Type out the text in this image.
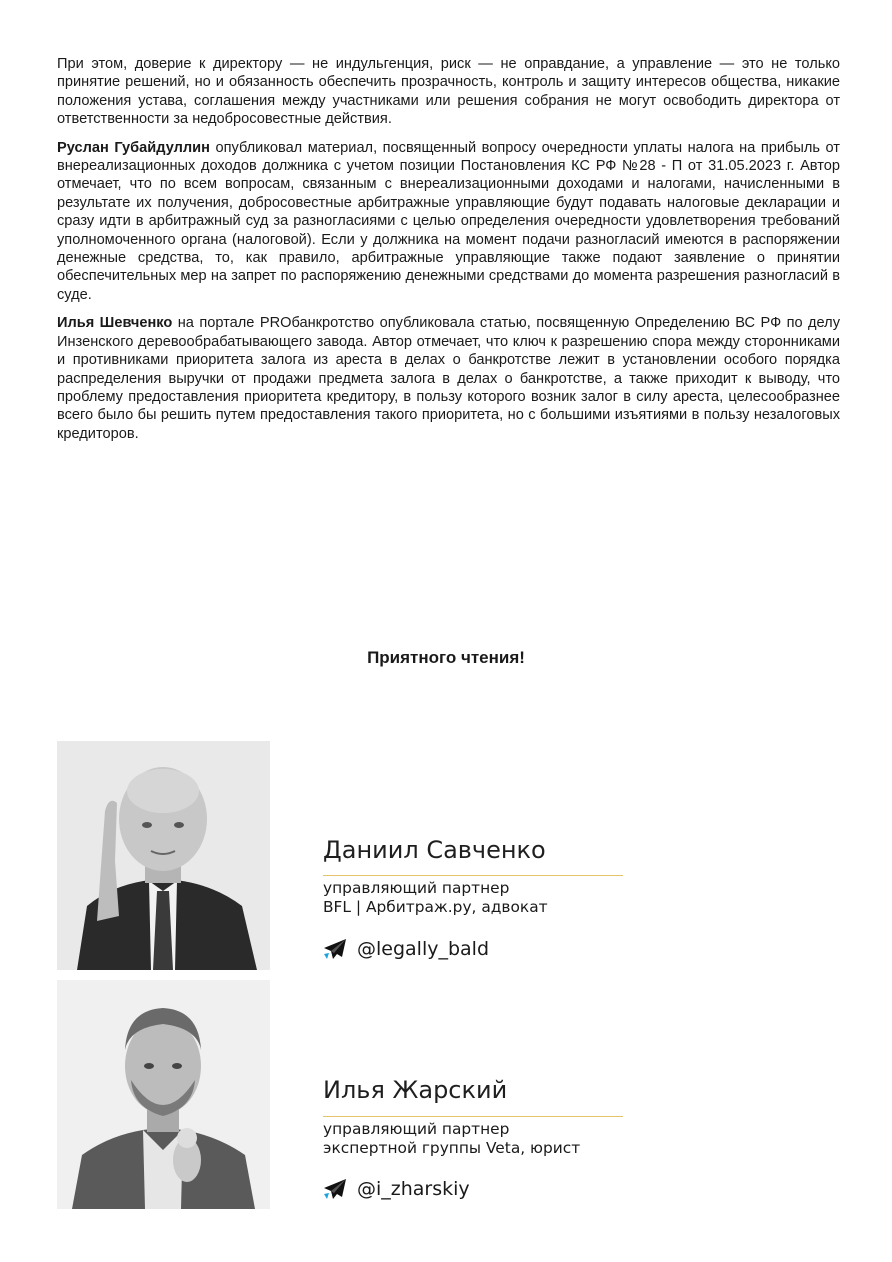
При этом, доверие к директору — не индульгенция, риск — не оправдание, а управление — это не только принятие решений, но и обязанность обеспечить прозрачность, контроль и защиту интересов общества, никакие положения устава, соглашения между участниками или решения собрания не могут освободить директора от ответственности за недобросовестные действия.

Руслан Губайдуллин опубликовал материал, посвященный вопросу очередности уплаты налога на прибыль от внереализационных доходов должника с учетом позиции Постановления КС РФ №28 - П от 31.05.2023 г. Автор отмечает, что по всем вопросам, связанным с внереализационными доходами и налогами, начисленными в результате их получения, добросовестные арбитражные управляющие будут подавать налоговые декларации и сразу идти в арбитражный суд за разногласиями с целью определения очередности удовлетворения требований уполномоченного органа (налоговой). Если у должника на момент подачи разногласий имеются в распоряжении денежные средства, то, как правило, арбитражные управляющие также подают заявление о принятии обеспечительных мер на запрет по распоряжению денежными средствами до момента разрешения разногласий в суде.

Илья Шевченко на портале PROбанкротство опубликовала статью, посвященную Определению ВС РФ по делу Инзенского деревообрабатывающего завода. Автор отмечает, что ключ к разрешению спора между сторонниками и противниками приоритета залога из ареста в делах о банкротстве лежит в установлении особого порядка распределения выручки от продажи предмета залога в делах о банкротстве, а также приходит к выводу, что проблему предоставления приоритета кредитору, в пользу которого возник залог в силу ареста, целесообразнее всего было бы решить путем предоставления такого приоритета, но с большими изъятиями в пользу незалоговых кредиторов.

Приятного чтения!
Даниил Савченко
управляющий партнер
BFL | Арбитраж.ру, адвокат
@legally_bald
Илья Жарский
управляющий партнер
экспертной группы Veta, юрист
@i_zharskiy
